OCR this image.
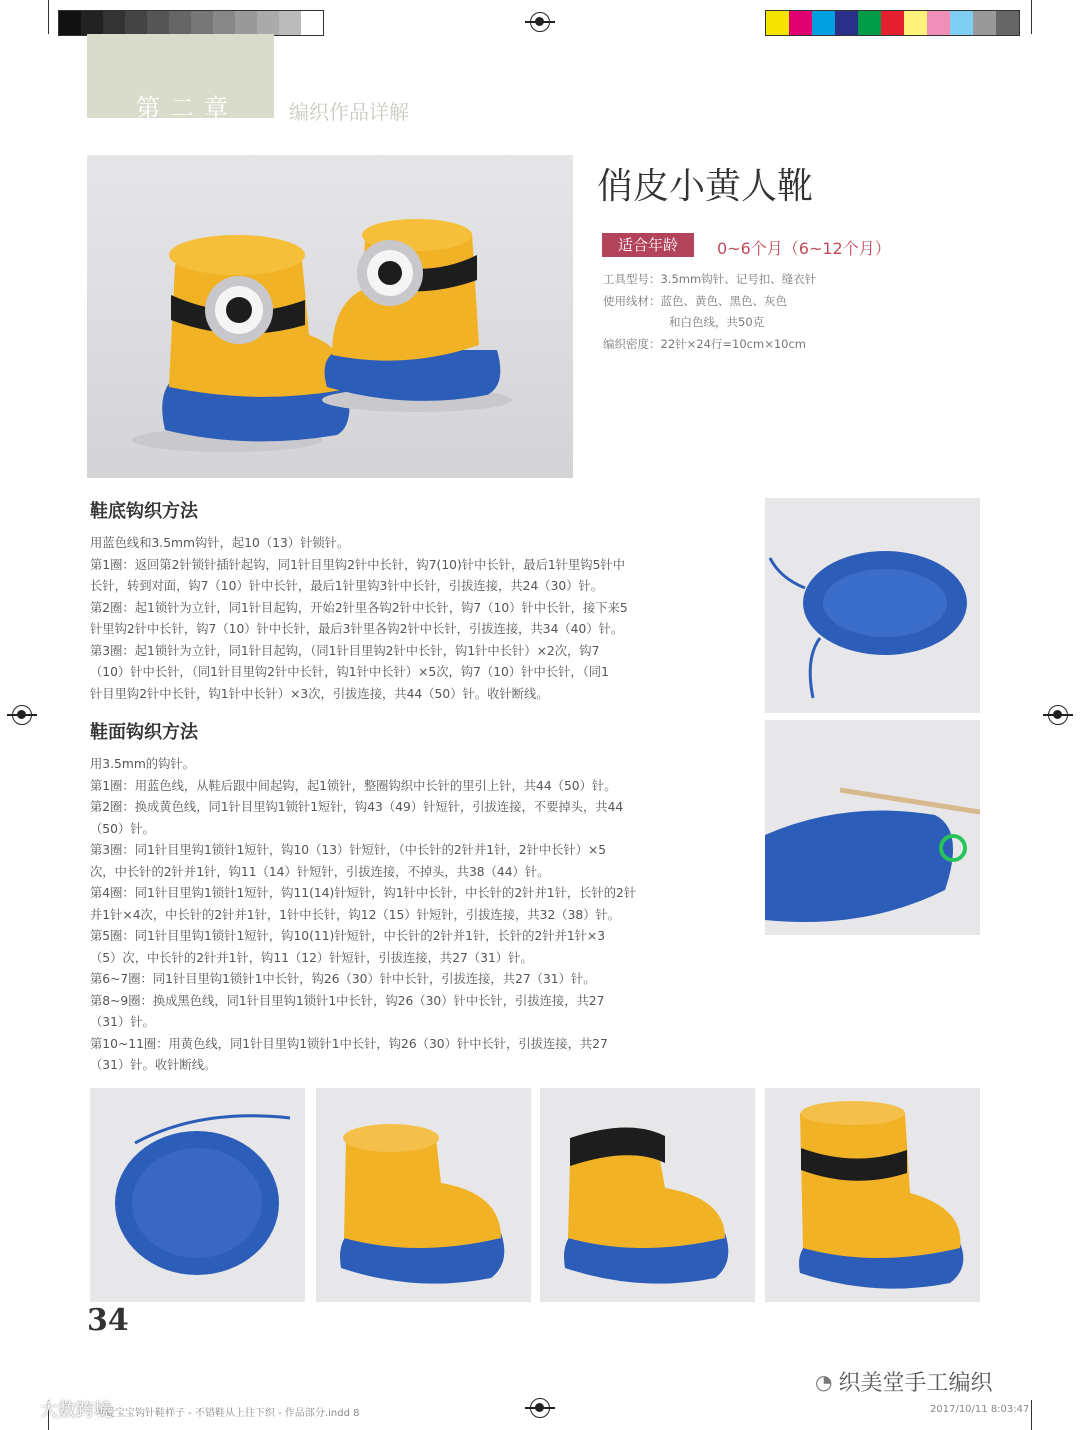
第二章	编织作品详解
俏皮小黄人靴
适合年龄	0~6个月（6~12个月）
工具型号：3.5mm钩针、记号扣、缝衣针
使用线材：蓝色、黄色、黑色、灰色
和白色线，共50克
编织密度：22针×24行=10cm×10cm
鞋底钩织方法

用蓝色线和3.5mm钩针，起10（13）针锁针。

第1圈：返回第2针锁针插针起钩，同1针目里钩2针中长针，钩7(10)针中长针，最后1针里钩5针中

长针，转到对面，钩7（10）针中长针，最后1针里钩3针中长针，引拔连接，共24（30）针。

第2圈：起1锁针为立针，同1针目起钩，开始2针里各钩2针中长针，钩7（10）针中长针，接下来5

针里钩2针中长针，钩7（10）针中长针，最后3针里各钩2针中长针，引拔连接，共34（40）针。

第3圈：起1锁针为立针，同1针目起钩，（同1针目里钩2针中长针，钩1针中长针）×2次，钩7

（10）针中长针，（同1针目里钩2针中长针，钩1针中长针）×5次，钩7（10）针中长针，（同1

针目里钩2针中长针，钩1针中长针）×3次，引拔连接，共44（50）针。收针断线。

鞋面钩织方法

用3.5mm的钩针。

第1圈：用蓝色线，从鞋后跟中间起钩，起1锁针，整圈钩织中长针的里引上针，共44（50）针。

第2圈：换成黄色线，同1针目里钩1锁针1短针，钩43（49）针短针，引拔连接，不要掉头，共44

（50）针。

第3圈：同1针目里钩1锁针1短针，钩10（13）针短针，（中长针的2针并1针，2针中长针）×5

次，中长针的2针并1针，钩11（14）针短针，引拔连接，不掉头，共38（44）针。

第4圈：同1针目里钩1锁针1短针，钩11(14)针短针，钩1针中长针，中长针的2针并1针，长针的2针

并1针×4次，中长针的2针并1针，1针中长针，钩12（15）针短针，引拔连接，共32（38）针。

第5圈：同1针目里钩1锁针1短针，钩10(11)针短针，中长针的2针并1针，长针的2针并1针×3

（5）次，中长针的2针并1针，钩11（12）针短针，引拔连接，共27（31）针。

第6~7圈：同1针目里钩1锁针1中长针，钩26（30）针中长针，引拔连接，共27（31）针。

第8~9圈：换成黑色线，同1针目里钩1锁针1中长针，钩26（30）针中长针，引拔连接，共27

（31）针。

第10~11圈：用黄色线，同1针目里钩1锁针1中长针，钩26（30）针中长针，引拔连接，共27

（31）针。收针断线。

34
◔ 织美堂手工编织
可爱宝宝钩针鞋样子 - 不错鞋从上往下织 - 作品部分.indd 8	2017/10/11 8:03:47
大数跨境
